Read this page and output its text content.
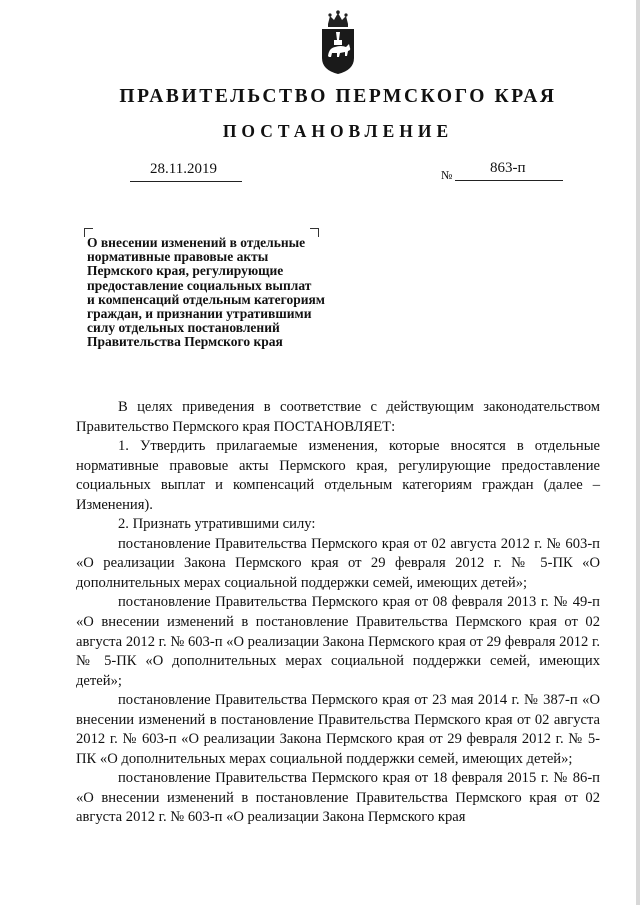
ПРАВИТЕЛЬСТВО ПЕРМСКОГО КРАЯ
ПОСТАНОВЛЕНИЕ
28.11.2019	№	863-п
О внесении изменений в отдельные
нормативные правовые акты
Пермского края, регулирующие
предоставление социальных выплат
и компенсаций отдельным категориям
граждан, и признании утратившими
силу отдельных постановлений
Правительства Пермского края

В целях приведения в соответствие с действующим законодательством Правительство Пермского края ПОСТАНОВЛЯЕТ:

1. Утвердить прилагаемые изменения, которые вносятся в отдельные нормативные правовые акты Пермского края, регулирующие предоставление социальных выплат и компенсаций отдельным категориям граждан (далее – Изменения).

2. Признать утратившими силу:

постановление Правительства Пермского края от 02 августа 2012 г. № 603-п «О реализации Закона Пермского края от 29 февраля 2012 г. № 5-ПК «О дополнительных мерах социальной поддержки семей, имеющих детей»;

постановление Правительства Пермского края от 08 февраля 2013 г. № 49-п «О внесении изменений в постановление Правительства Пермского края от 02 августа 2012 г. № 603-п «О реализации Закона Пермского края от 29 февраля 2012 г. № 5-ПК «О дополнительных мерах социальной поддержки семей, имеющих детей»;

постановление Правительства Пермского края от 23 мая 2014 г. № 387-п «О внесении изменений в постановление Правительства Пермского края от 02 августа 2012 г. № 603-п «О реализации Закона Пермского края от 29 февраля 2012 г. № 5-ПК «О дополнительных мерах социальной поддержки семей, имеющих детей»;

постановление Правительства Пермского края от 18 февраля 2015 г. № 86-п «О внесении изменений в постановление Правительства Пермского края от 02 августа 2012 г. № 603-п «О реализации Закона Пермского края
